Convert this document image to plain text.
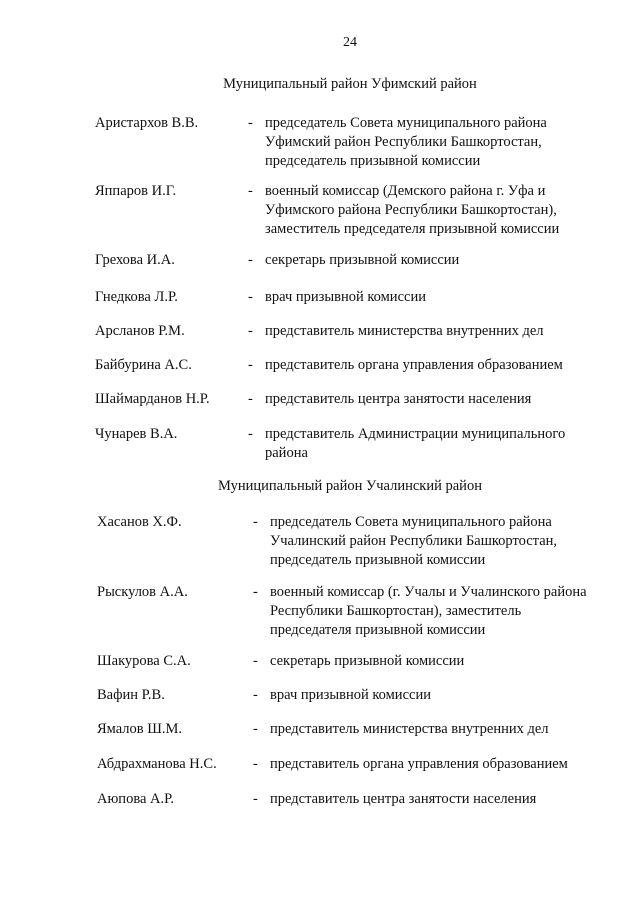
24
Муниципальный район Уфимский район
Аристархов В.В.	- председатель Совета муниципального района
Уфимский район Республики Башкортостан,
председатель призывной комиссии
Яппаров И.Г.	- военный комиссар (Демского района г. Уфа и
Уфимского района Республики Башкортостан),
заместитель председателя призывной комиссии
Грехова И.А.	- секретарь призывной комиссии
Гнедкова Л.Р.	- врач призывной комиссии
Арсланов Р.М.	- представитель министерства внутренних дел
Байбурина А.С.	- представитель органа управления образованием
Шаймарданов Н.Р.	- представитель центра занятости населения
Чунарев В.А.	- представитель Администрации муниципального
района
Муниципальный район Учалинский район
Хасанов Х.Ф.	- председатель Совета муниципального района
Учалинский район Республики Башкортостан,
председатель призывной комиссии
Рыскулов А.А.	- военный комиссар (г. Учалы и Учалинского района
Республики Башкортостан), заместитель
председателя призывной комиссии
Шакурова С.А.	- секретарь призывной комиссии
Вафин Р.В.	- врач призывной комиссии
Ямалов Ш.М.	- представитель министерства внутренних дел
Абдрахманова Н.С.	- представитель органа управления образованием
Аюпова А.Р.	- представитель центра занятости населения
